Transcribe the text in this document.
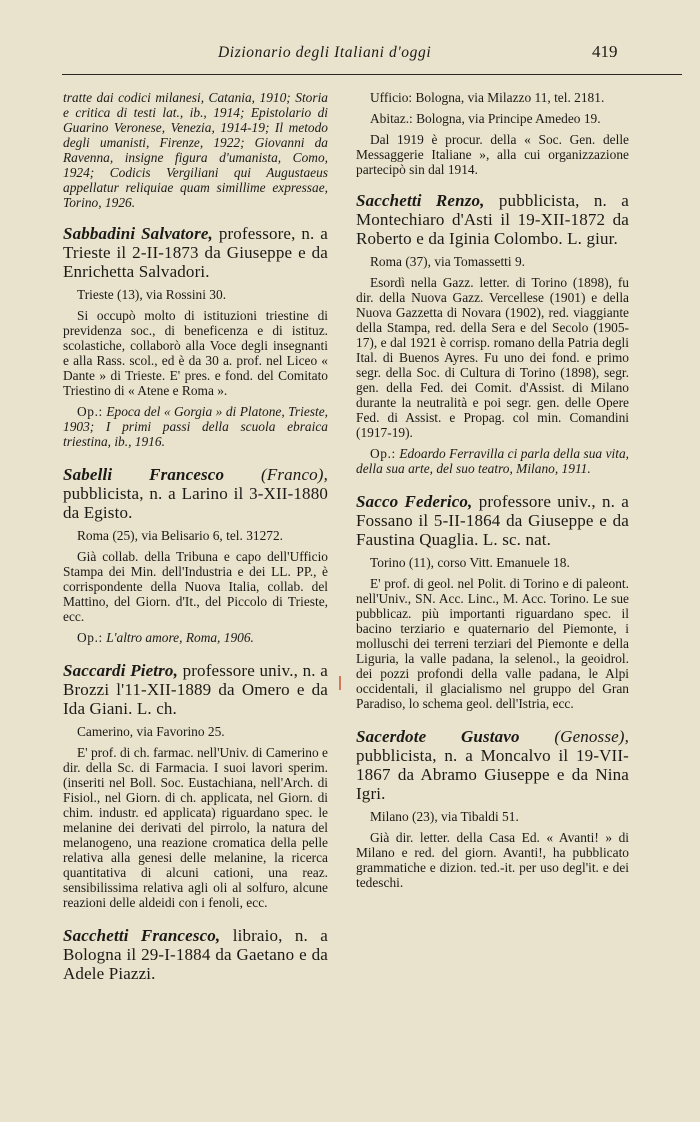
Dizionario degli Italiani d'oggi	419

tratte dai codici milanesi, Catania, 1910; Storia e critica di testi lat., ib., 1914; Epistolario di Guarino Veronese, Venezia, 1914-19; Il metodo degli umanisti, Firenze, 1922; Giovanni da Ravenna, insigne figura d'umanista, Como, 1924; Codicis Vergiliani qui Augustaeus appellatur reliquiae quam simillime expressae, Torino, 1926.

Sabbadini Salvatore, professore, n. a Trieste il 2-II-1873 da Giuseppe e da Enrichetta Salvadori.

Trieste (13), via Rossini 30.

Si occupò molto di istituzioni triestine di previdenza soc., di beneficenza e di istituz. scolastiche, collaborò alla Voce degli insegnanti e alla Rass. scol., ed è da 30 a. prof. nel Liceo « Dante » di Trieste. E' pres. e fond. del Comitato Triestino di « Atene e Roma ».

Op.: Epoca del « Gorgia » di Platone, Trieste, 1903; I primi passi della scuola ebraica triestina, ib., 1916.

Sabelli Francesco (Franco), pubblicista, n. a Larino il 3-XII-1880 da Egisto.

Roma (25), via Belisario 6, tel. 31272.

Già collab. della Tribuna e capo dell'Ufficio Stampa dei Min. dell'Industria e dei LL. PP., è corrispondente della Nuova Italia, collab. del Mattino, del Giorn. d'It., del Piccolo di Trieste, ecc.

Op.: L'altro amore, Roma, 1906.

Saccardi Pietro, professore univ., n. a Brozzi l'11-XII-1889 da Omero e da Ida Giani. L. ch.

Camerino, via Favorino 25.

E' prof. di ch. farmac. nell'Univ. di Camerino e dir. della Sc. di Farmacia. I suoi lavori sperim. (inseriti nel Boll. Soc. Eustachiana, nell'Arch. di Fisiol., nel Giorn. di ch. applicata, nel Giorn. di chim. industr. ed applicata) riguardano spec. le melanine dei derivati del pirrolo, la natura del melanogeno, una reazione cromatica della pelle relativa alla genesi delle melanine, la ricerca quantitativa di alcuni cationi, una reaz. sensibilissima relativa agli oli al solfuro, alcune reazioni delle aldeidi con i fenoli, ecc.

Sacchetti Francesco, libraio, n. a Bologna il 29-I-1884 da Gaetano e da Adele Piazzi.

Ufficio: Bologna, via Milazzo 11, tel. 2181.

Abitaz.: Bologna, via Principe Amedeo 19.

Dal 1919 è procur. della « Soc. Gen. delle Messaggerie Italiane », alla cui organizzazione partecipò sin dal 1914.

Sacchetti Renzo, pubblicista, n. a Montechiaro d'Asti il 19-XII-1872 da Roberto e da Iginia Colombo. L. giur.

Roma (37), via Tomassetti 9.

Esordì nella Gazz. letter. di Torino (1898), fu dir. della Nuova Gazz. Vercellese (1901) e della Nuova Gazzetta di Novara (1902), red. viaggiante della Stampa, red. della Sera e del Secolo (1905-17), e dal 1921 è corrisp. romano della Patria degli Ital. di Buenos Ayres. Fu uno dei fond. e primo segr. della Soc. di Cultura di Torino (1898), segr. gen. della Fed. dei Comit. d'Assist. di Milano durante la neutralità e poi segr. gen. delle Opere Fed. di Assist. e Propag. col min. Comandini (1917-19).

Op.: Edoardo Ferravilla ci parla della sua vita, della sua arte, del suo teatro, Milano, 1911.

Sacco Federico, professore univ., n. a Fossano il 5-II-1864 da Giuseppe e da Faustina Quaglia. L. sc. nat.

Torino (11), corso Vitt. Emanuele 18.

E' prof. di geol. nel Polit. di Torino e di paleont. nell'Univ., SN. Acc. Linc., M. Acc. Torino. Le sue pubblicaz. più importanti riguardano spec. il bacino terziario e quaternario del Piemonte, i molluschi dei terreni terziari del Piemonte e della Liguria, la valle padana, la selenol., la geoidrol. dei pozzi profondi della valle padana, le Alpi occidentali, il glacialismo nel gruppo del Gran Paradiso, lo schema geol. dell'Istria, ecc.

Sacerdote Gustavo (Genosse), pubblicista, n. a Moncalvo il 19-VII-1867 da Abramo Giuseppe e da Nina Igri.

Milano (23), via Tibaldi 51.

Già dir. letter. della Casa Ed. « Avanti! » di Milano e red. del giorn. Avanti!, ha pubblicato grammatiche e dizion. ted.-it. per uso degl'it. e dei tedeschi.
